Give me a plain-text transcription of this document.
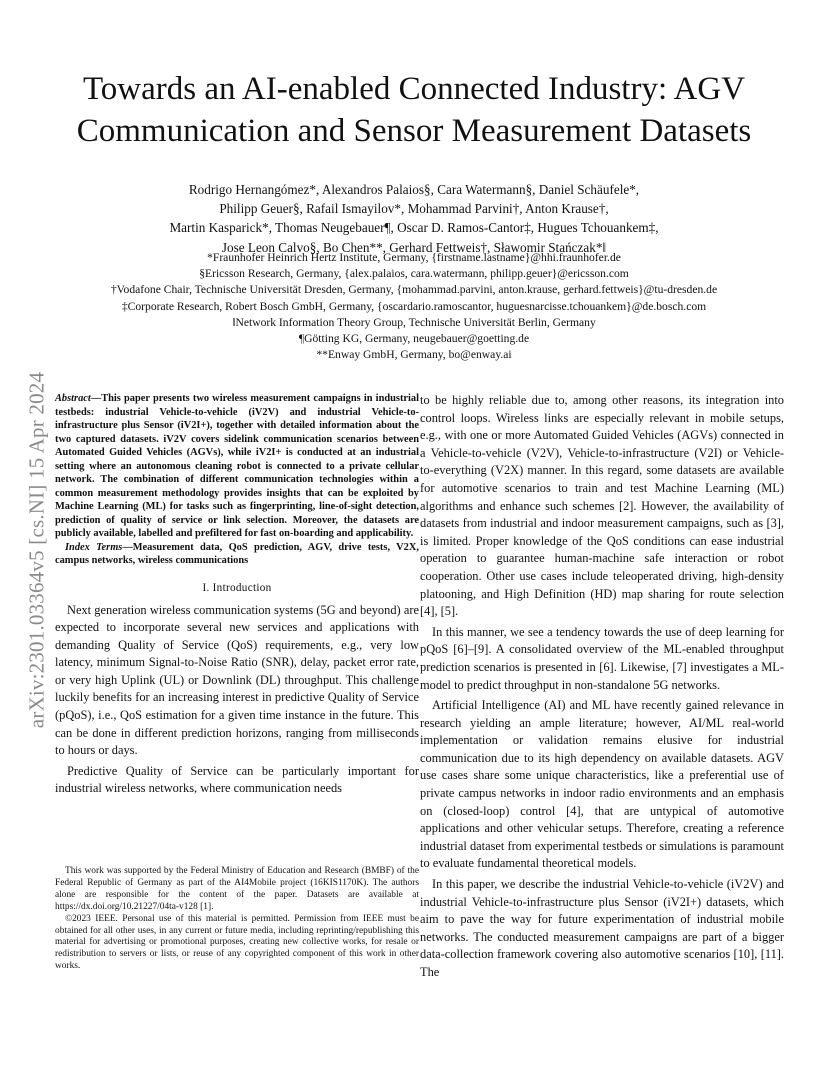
arXiv:2301.03364v5 [cs.NI] 15 Apr 2024
Towards an AI-enabled Connected Industry: AGV
Communication and Sensor Measurement Datasets
Rodrigo Hernangómez*, Alexandros Palaios§, Cara Watermann§, Daniel Schäufele*,
Philipp Geuer§, Rafail Ismayilov*, Mohammad Parvini†, Anton Krause†,
Martin Kasparick*, Thomas Neugebauer¶, Oscar D. Ramos-Cantor‡, Hugues Tchouankem‡,
Jose Leon Calvo§, Bo Chen**, Gerhard Fettweis†, Sławomir Stańczak*‖
*Fraunhofer Heinrich Hertz Institute, Germany, {firstname.lastname}@hhi.fraunhofer.de
§Ericsson Research, Germany, {alex.palaios, cara.watermann, philipp.geuer}@ericsson.com
†Vodafone Chair, Technische Universität Dresden, Germany, {mohammad.parvini, anton.krause, gerhard.fettweis}@tu-dresden.de
‡Corporate Research, Robert Bosch GmbH, Germany, {oscardario.ramoscantor, huguesnarcisse.tchouankem}@de.bosch.com
‖Network Information Theory Group, Technische Universität Berlin, Germany
¶Götting KG, Germany, neugebauer@goetting.de
**Enway GmbH, Germany, bo@enway.ai

Abstract—This paper presents two wireless measurement campaigns in industrial testbeds: industrial Vehicle-to-vehicle (iV2V) and industrial Vehicle-to-infrastructure plus Sensor (iV2I+), together with detailed information about the two captured datasets. iV2V covers sidelink communication scenarios between Automated Guided Vehicles (AGVs), while iV2I+ is conducted at an industrial setting where an autonomous cleaning robot is connected to a private cellular network. The combination of different communication technologies within a common measurement methodology provides insights that can be exploited by Machine Learning (ML) for tasks such as fingerprinting, line-of-sight detection, prediction of quality of service or link selection. Moreover, the datasets are publicly available, labelled and prefiltered for fast on-boarding and applicability.

Index Terms—Measurement data, QoS prediction, AGV, drive tests, V2X, campus networks, wireless communications

I. Introduction

Next generation wireless communication systems (5G and beyond) are expected to incorporate several new services and applications with demanding Quality of Service (QoS) requirements, e.g., very low latency, minimum Signal-to-Noise Ratio (SNR), delay, packet error rate, or very high Uplink (UL) or Downlink (DL) throughput. This challenge luckily benefits for an increasing interest in predictive Quality of Service (pQoS), i.e., QoS estimation for a given time instance in the future. This can be done in different prediction horizons, ranging from milliseconds to hours or days.

Predictive Quality of Service can be particularly important for industrial wireless networks, where communication needs

to be highly reliable due to, among other reasons, its integration into control loops. Wireless links are especially relevant in mobile setups, e.g., with one or more Automated Guided Vehicles (AGVs) connected in a Vehicle-to-vehicle (V2V), Vehicle-to-infrastructure (V2I) or Vehicle-to-everything (V2X) manner. In this regard, some datasets are available for automotive scenarios to train and test Machine Learning (ML) algorithms and enhance such schemes [2]. However, the availability of datasets from industrial and indoor measurement campaigns, such as [3], is limited. Proper knowledge of the QoS conditions can ease industrial operation to guarantee human-machine safe interaction or robot cooperation. Other use cases include teleoperated driving, high-density platooning, and High Definition (HD) map sharing for route selection [4], [5].

In this manner, we see a tendency towards the use of deep learning for pQoS [6]–[9]. A consolidated overview of the ML-enabled throughput prediction scenarios is presented in [6]. Likewise, [7] investigates a ML-model to predict throughput in non-standalone 5G networks.

Artificial Intelligence (AI) and ML have recently gained relevance in research yielding an ample literature; however, AI/ML real-world implementation or validation remains elusive for industrial communication due to its high dependency on available datasets. AGV use cases share some unique characteristics, like a preferential use of private campus networks in indoor radio environments and an emphasis on (closed-loop) control [4], that are untypical of automotive applications and other vehicular setups. Therefore, creating a reference industrial dataset from experimental testbeds or simulations is paramount to evaluate fundamental theoretical models.

In this paper, we describe the industrial Vehicle-to-vehicle (iV2V) and industrial Vehicle-to-infrastructure plus Sensor (iV2I+) datasets, which aim to pave the way for future experimentation of industrial mobile networks. The conducted measurement campaigns are part of a bigger data-collection framework covering also automotive scenarios [10], [11]. The

This work was supported by the Federal Ministry of Education and Research (BMBF) of the Federal Republic of Germany as part of the AI4Mobile project (16KIS1170K). The authors alone are responsible for the content of the paper. Datasets are available at https://dx.doi.org/10.21227/04ta-v128 [1].

©2023 IEEE. Personal use of this material is permitted. Permission from IEEE must be obtained for all other uses, in any current or future media, including reprinting/republishing this material for advertising or promotional purposes, creating new collective works, for resale or redistribution to servers or lists, or reuse of any copyrighted component of this work in other works.
